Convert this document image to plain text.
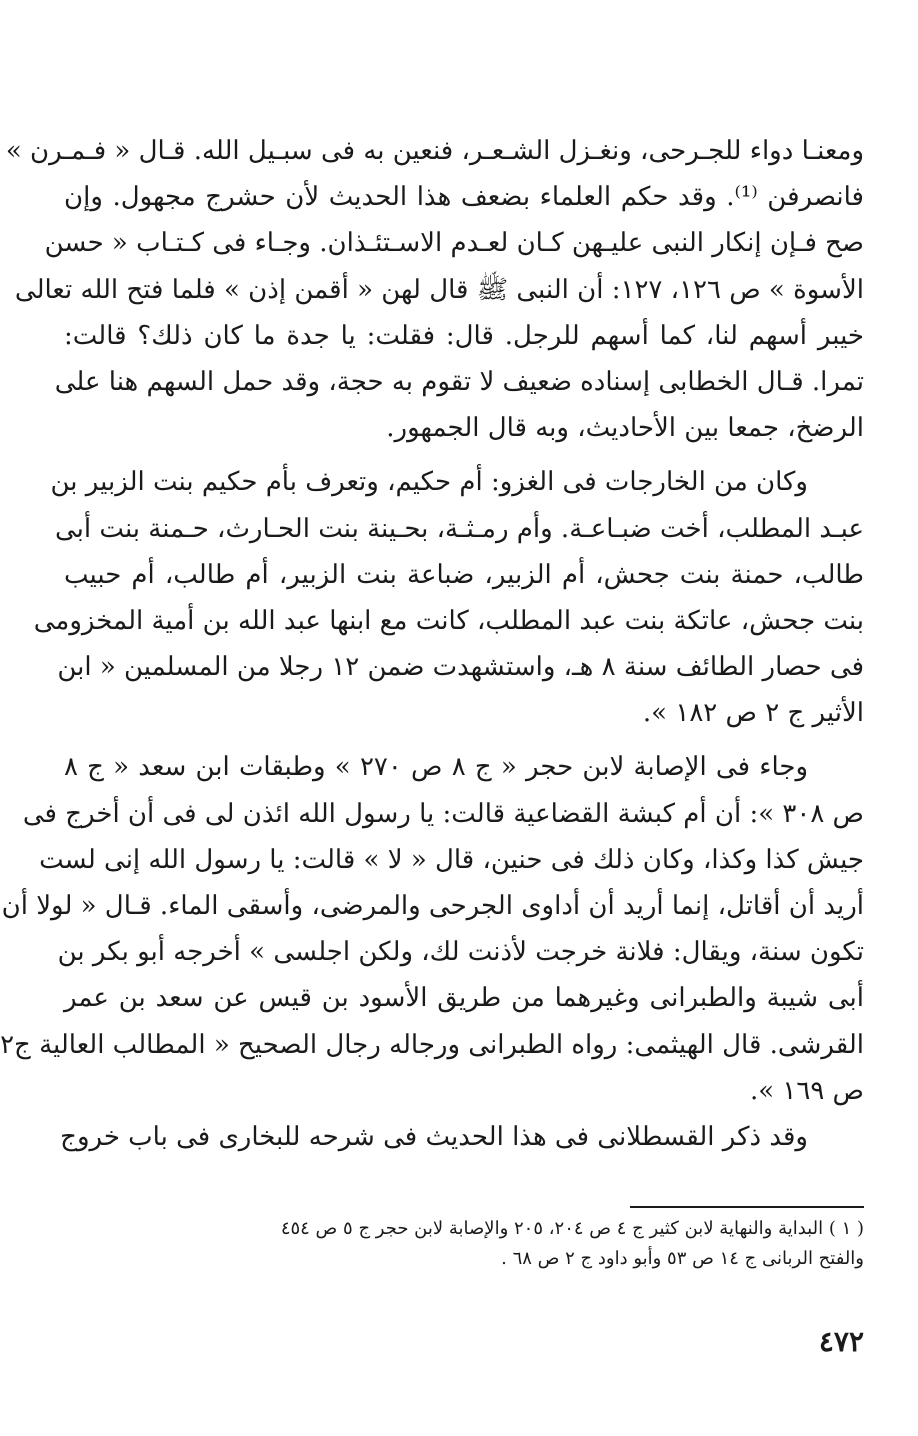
ومعنـا دواء للجـرحى، ونغـزل الشـعـر، فنعين به فى سبـيل الله. قـال « فـمـرن »
فانصرفن ⁽¹⁾. وقد حكم العلماء بضعف هذا الحديث لأن حشرج مجهول. وإن
صح فـإن إنكار النبى عليـهن كـان لعـدم الاسـتئـذان. وجـاء فى كـتـاب « حسن
الأسوة » ص ١٢٦، ١٢٧: أن النبى ﷺ قال لهن « أقمن إذن » فلما فتح الله تعالى
خيبر أسهم لنا، كما أسهم للرجل. قال: فقلت: يا جدة ما كان ذلك؟ قالت:
تمرا. قـال الخطابى إسناده ضعيف لا تقوم به حجة، وقد حمل السهم هنا على
الرضخ، جمعا بين الأحاديث، وبه قال الجمهور.
وكان من الخارجات فى الغزو: أم حكيم، وتعرف بأم حكيم بنت الزبير بن
عبـد المطلب، أخت ضبـاعـة. وأم رمـثـة، بحـينة بنت الحـارث، حـمنة بنت أبى
طالب، حمنة بنت جحش، أم الزبير، ضباعة بنت الزبير، أم طالب، أم حبيب
بنت جحش، عاتكة بنت عبد المطلب، كانت مع ابنها عبد الله بن أمية المخزومى
فى حصار الطائف سنة ٨ هـ، واستشهدت ضمن ١٢ رجلا من المسلمين « ابن
الأثير ج ٢ ص ١٨٢ ».
وجاء فى الإصابة لابن حجر « ج ٨ ص ٢٧٠ » وطبقات ابن سعد « ج ٨
ص ٣٠٨ »: أن أم كبشة القضاعية قالت: يا رسول الله ائذن لى فى أن أخرج فى
جيش كذا وكذا، وكان ذلك فى حنين، قال « لا » قالت: يا رسول الله إنى لست
أريد أن أقاتل، إنما أريد أن أداوى الجرحى والمرضى، وأسقى الماء. قـال « لولا أن
تكون سنة، ويقال: فلانة خرجت لأذنت لك، ولكن اجلسى » أخرجه أبو بكر بن
أبى شيبة والطبرانى وغيرهما من طريق الأسود بن قيس عن سعد بن عمر
القرشى. قال الهيثمى: رواه الطبرانى ورجاله رجال الصحيح « المطالب العالية ج٢
ص ١٦٩ ».
وقد ذكر القسطلانى فى هذا الحديث فى شرحه للبخارى فى باب خروج
( ١ ) البداية والنهاية لابن كثير ج ٤ ص ٢٠٤، ٢٠٥ والإصابة لابن حجر ج ٥ ص ٤٥٤
والفتح الربانى ج ١٤ ص ٥٣ وأبو داود ج ٢ ص ٦٨ .
٤٧٢
